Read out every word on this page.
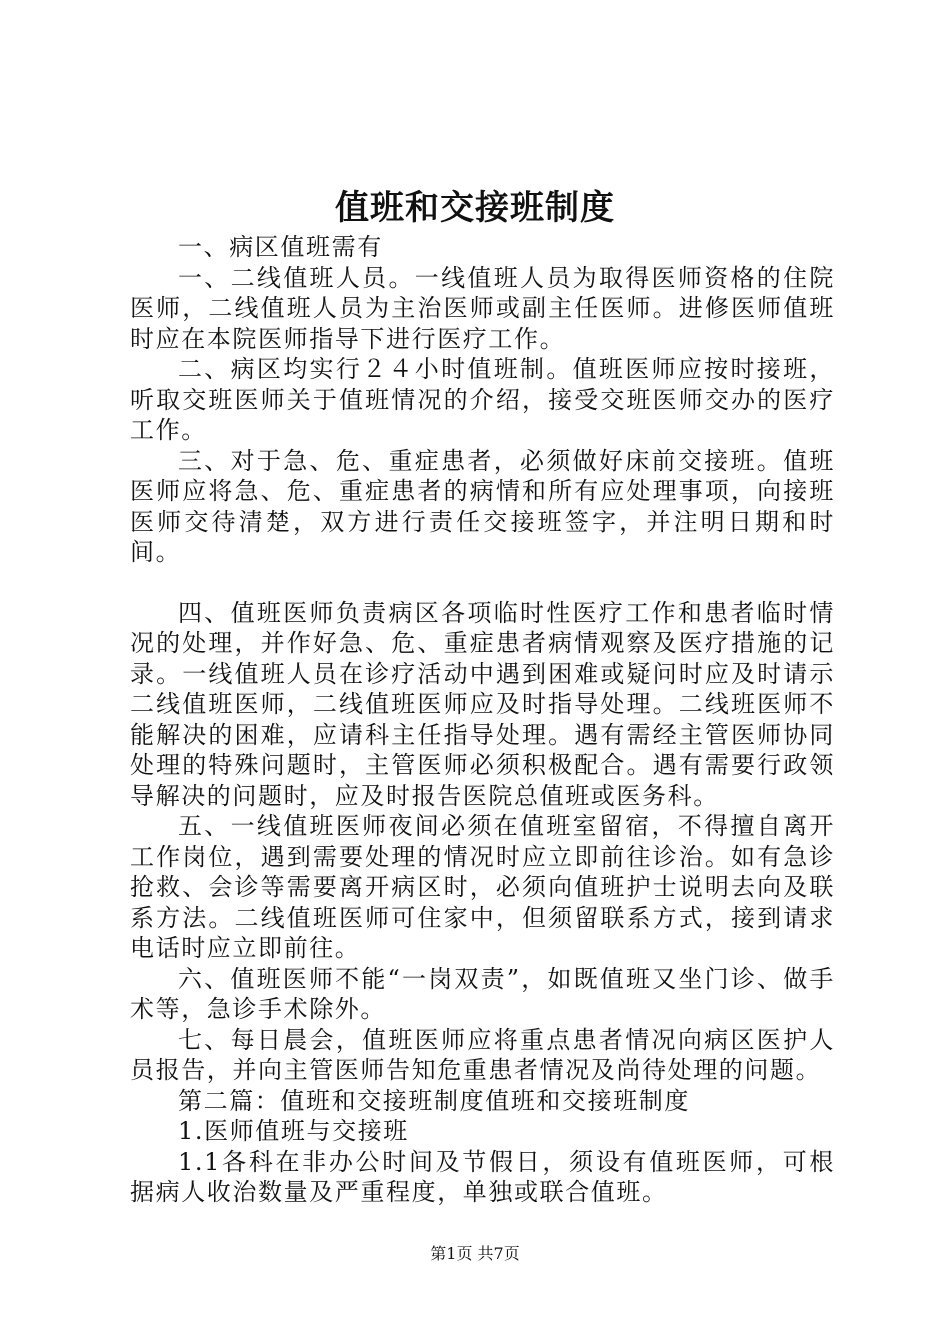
值班和交接班制度

一、病区值班需有

一、二线值班人员。一线值班人员为取得医师资格的住院医师，二线值班人员为主治医师或副主任医师。进修医师值班时应在本院医师指导下进行医疗工作。

二、病区均实行２４小时值班制。值班医师应按时接班，听取交班医师关于值班情况的介绍，接受交班医师交办的医疗工作。

三、对于急、危、重症患者，必须做好床前交接班。值班医师应将急、危、重症患者的病情和所有应处理事项，向接班医师交待清楚，双方进行责任交接班签字，并注明日期和时间。

四、值班医师负责病区各项临时性医疗工作和患者临时情况的处理，并作好急、危、重症患者病情观察及医疗措施的记录。一线值班人员在诊疗活动中遇到困难或疑问时应及时请示二线值班医师，二线值班医师应及时指导处理。二线班医师不能解决的困难，应请科主任指导处理。遇有需经主管医师协同处理的特殊问题时，主管医师必须积极配合。遇有需要行政领导解决的问题时，应及时报告医院总值班或医务科。

五、一线值班医师夜间必须在值班室留宿，不得擅自离开工作岗位，遇到需要处理的情况时应立即前往诊治。如有急诊抢救、会诊等需要离开病区时，必须向值班护士说明去向及联系方法。二线值班医师可住家中，但须留联系方式，接到请求电话时应立即前往。

六、值班医师不能“一岗双责”，如既值班又坐门诊、做手术等，急诊手术除外。

七、每日晨会，值班医师应将重点患者情况向病区医护人员报告，并向主管医师告知危重患者情况及尚待处理的问题。

第二篇：值班和交接班制度值班和交接班制度

1.医师值班与交接班

1.1各科在非办公时间及节假日，须设有值班医师，可根据病人收治数量及严重程度，单独或联合值班。

第1页 共7页
